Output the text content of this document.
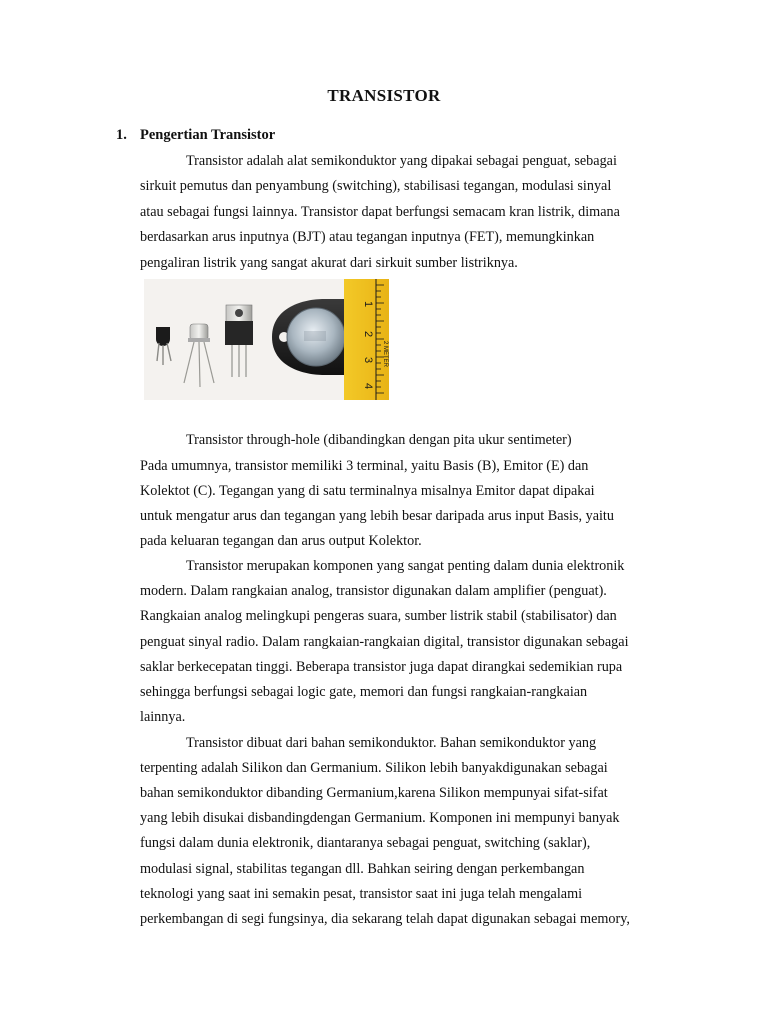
TRANSISTOR
1. Pengertian Transistor
Transistor adalah alat semikonduktor yang dipakai sebagai penguat, sebagai
sirkuit pemutus dan penyambung (switching), stabilisasi tegangan, modulasi sinyal
atau sebagai fungsi lainnya. Transistor dapat berfungsi semacam kran listrik, dimana
berdasarkan arus inputnya (BJT) atau tegangan inputnya (FET), memungkinkan
pengaliran listrik yang sangat akurat dari sirkuit sumber listriknya.
1
2
3
4
2 METER
Transistor through-hole (dibandingkan dengan pita ukur sentimeter)
Pada umumnya, transistor memiliki 3 terminal, yaitu Basis (B), Emitor (E) dan
Kolektot (C). Tegangan yang di satu terminalnya misalnya Emitor dapat dipakai
untuk mengatur arus dan tegangan yang lebih besar daripada arus input Basis, yaitu
pada keluaran tegangan dan arus output Kolektor.
Transistor merupakan komponen yang sangat penting dalam dunia elektronik
modern. Dalam rangkaian analog, transistor digunakan dalam amplifier (penguat).
Rangkaian analog melingkupi pengeras suara, sumber listrik stabil (stabilisator) dan
penguat sinyal radio. Dalam rangkaian-rangkaian digital, transistor digunakan sebagai
saklar berkecepatan tinggi. Beberapa transistor juga dapat dirangkai sedemikian rupa
sehingga berfungsi sebagai logic gate, memori dan fungsi rangkaian-rangkaian
lainnya.
Transistor dibuat dari bahan semikonduktor. Bahan semikonduktor yang
terpenting adalah Silikon dan Germanium. Silikon lebih banyakdigunakan sebagai
bahan semikonduktor dibanding Germanium,karena Silikon mempunyai sifat-sifat
yang lebih disukai disbandingdengan Germanium. Komponen ini mempunyi banyak
fungsi dalam dunia elektronik, diantaranya sebagai penguat, switching (saklar),
modulasi signal, stabilitas tegangan dll. Bahkan seiring dengan perkembangan
teknologi yang saat ini semakin pesat, transistor saat ini juga telah mengalami
perkembangan di segi fungsinya, dia sekarang telah dapat digunakan sebagai memory,
